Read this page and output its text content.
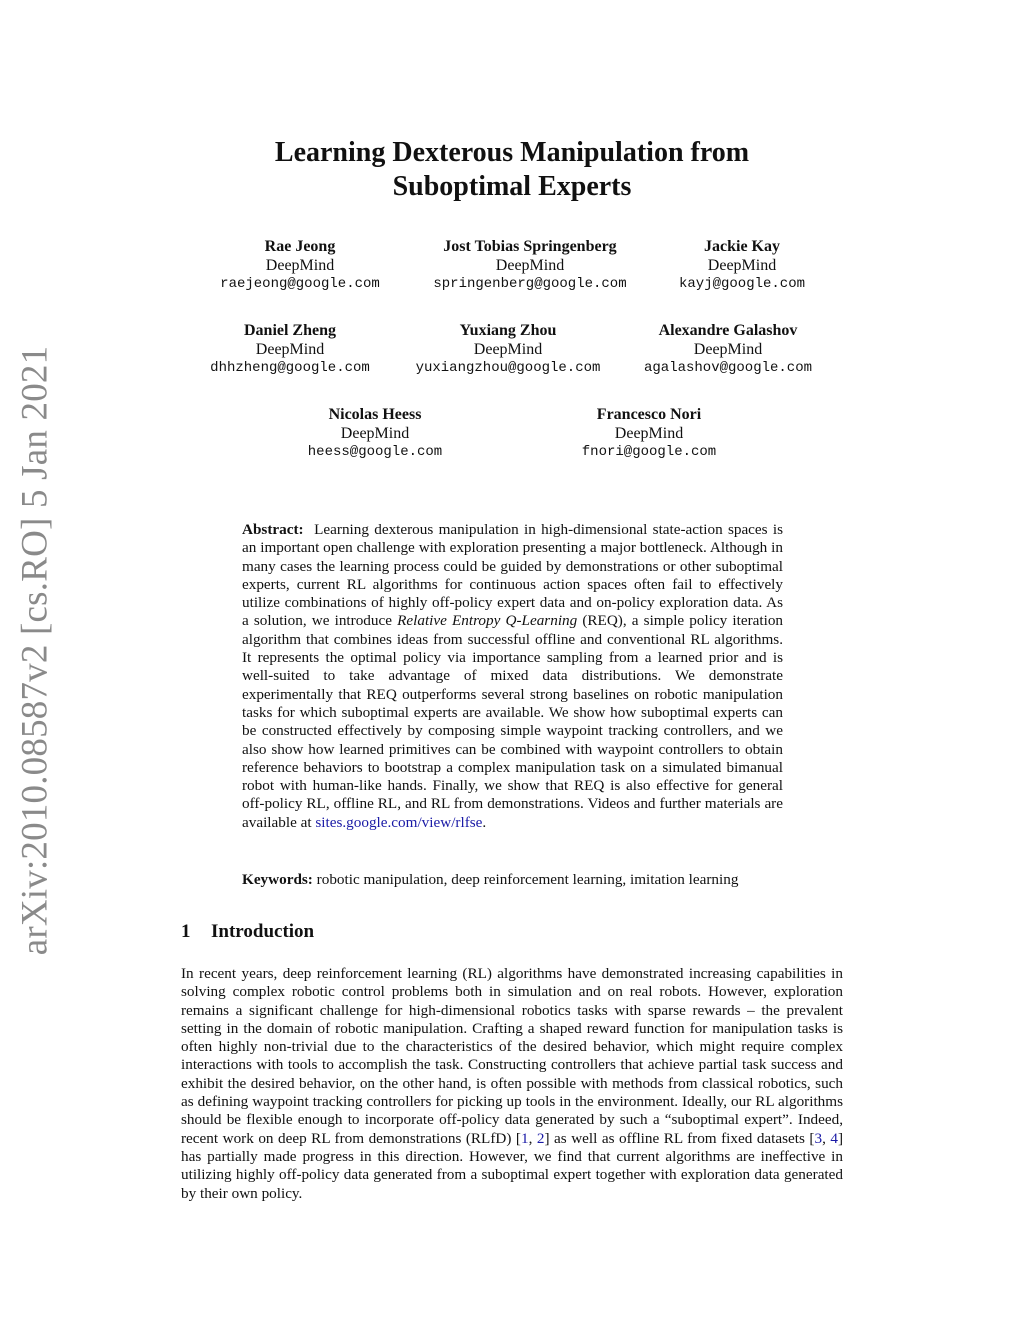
arXiv:2010.08587v2 [cs.RO] 5 Jan 2021
Learning Dexterous Manipulation from
Suboptimal Experts
Rae Jeong
DeepMind
raejeong@google.com
Jost Tobias Springenberg
DeepMind
springenberg@google.com
Jackie Kay
DeepMind
kayj@google.com
Daniel Zheng
DeepMind
dhhzheng@google.com
Yuxiang Zhou
DeepMind
yuxiangzhou@google.com
Alexandre Galashov
DeepMind
agalashov@google.com
Nicolas Heess
DeepMind
heess@google.com
Francesco Nori
DeepMind
fnori@google.com
Abstract: Learning dexterous manipulation in high-dimensional state-action spaces is an important open challenge with exploration presenting a major bottleneck. Although in many cases the learning process could be guided by demonstrations or other suboptimal experts, current RL algorithms for continuous action spaces often fail to effectively utilize combinations of highly off-policy expert data and on-policy exploration data. As a solution, we introduce Relative Entropy Q-Learning (REQ), a simple policy iteration algorithm that combines ideas from successful offline and conventional RL algorithms. It represents the optimal policy via importance sampling from a learned prior and is well-suited to take advantage of mixed data distributions. We demonstrate experimentally that REQ outperforms several strong baselines on robotic manipulation tasks for which suboptimal experts are available. We show how suboptimal experts can be constructed effectively by composing simple waypoint tracking controllers, and we also show how learned primitives can be combined with waypoint controllers to obtain reference behaviors to bootstrap a complex manipulation task on a simulated bimanual robot with human-like hands. Finally, we show that REQ is also effective for general off-policy RL, offline RL, and RL from demonstrations. Videos and further materials are available at sites.google.com/view/rlfse.
Keywords: robotic manipulation, deep reinforcement learning, imitation learning
1 Introduction
In recent years, deep reinforcement learning (RL) algorithms have demonstrated increasing capabilities in solving complex robotic control problems both in simulation and on real robots. However, exploration remains a significant challenge for high-dimensional robotics tasks with sparse rewards – the prevalent setting in the domain of robotic manipulation. Crafting a shaped reward function for manipulation tasks is often highly non-trivial due to the characteristics of the desired behavior, which might require complex interactions with tools to accomplish the task. Constructing controllers that achieve partial task success and exhibit the desired behavior, on the other hand, is often possible with methods from classical robotics, such as defining waypoint tracking controllers for picking up tools in the environment. Ideally, our RL algorithms should be flexible enough to incorporate off-policy data generated by such a “suboptimal expert”. Indeed, recent work on deep RL from demonstrations (RLfD) [1, 2] as well as offline RL from fixed datasets [3, 4] has partially made progress in this direction. However, we find that current algorithms are ineffective in utilizing highly off-policy data generated from a suboptimal expert together with exploration data generated by their own policy.
